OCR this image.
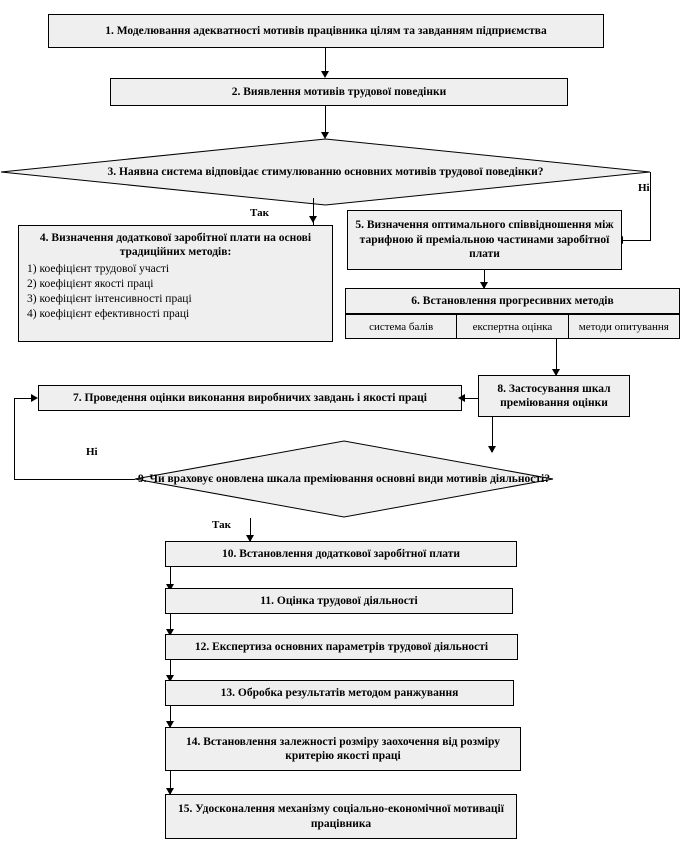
1. Моделювання адекватності мотивів працівника цілям та завданням підприємства
2. Виявлення мотивів трудової поведінки
3. Наявна система відповідає стимулюванню основних мотивів трудової поведінки?
Так
Ні
4. Визначення додаткової заробітної плати на основі традиційних методів:
1) коефіцієнт трудової участі
2) коефіцієнт якості праці
3) коефіцієнт інтенсивності праці
4) коефіцієнт ефективності праці
5. Визначення оптимального співвідношення між тарифною й преміальною частинами заробітної плати
6. Встановлення прогресивних методів
система балів	експертна оцінка	методи опитування
7. Проведення оцінки виконання виробничих завдань і якості праці
8. Застосування шкал преміювання оцінки
9. Чи враховує оновлена шкала преміювання основні види мотивів діяльності?
Ні
Так
10. Встановлення додаткової заробітної плати
11. Оцінка трудової діяльності
12. Експертиза основних параметрів трудової діяльності
13. Обробка результатів методом ранжування
14. Встановлення залежності розміру заохочення від розміру критерію якості праці
15. Удосконалення механізму соціально-економічної мотивації працівника
